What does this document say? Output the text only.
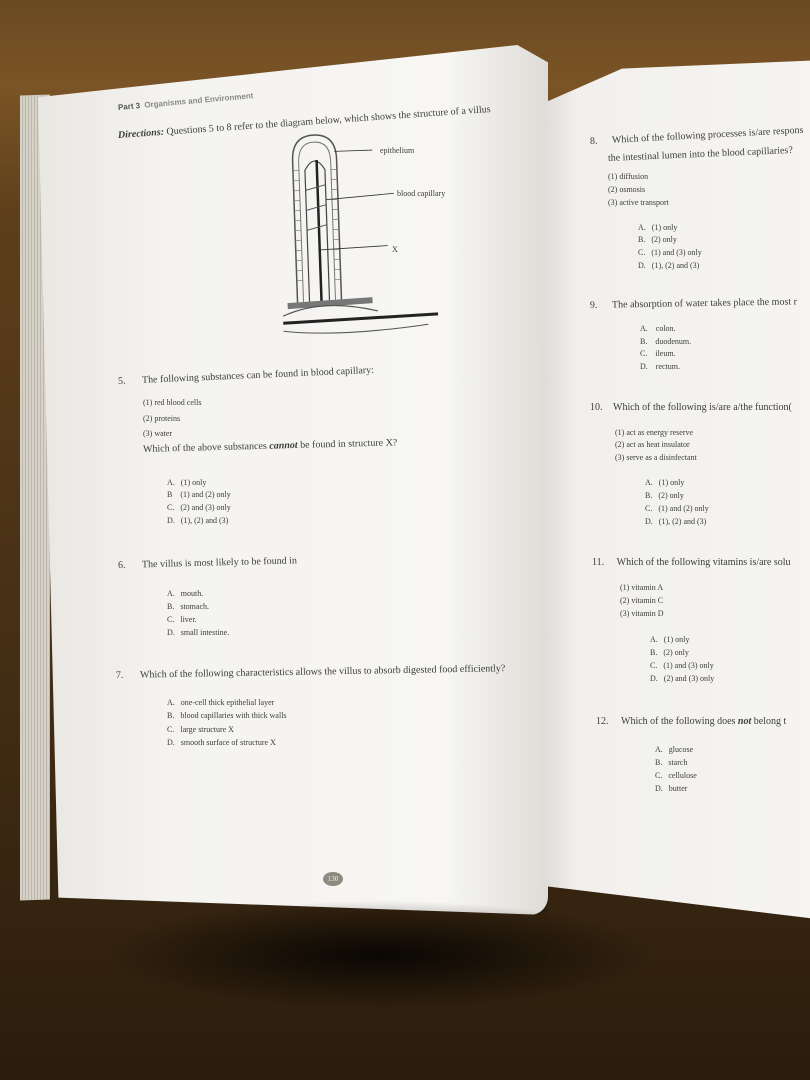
Part 3 Organisms and Environment
Directions: Questions 5 to 8 refer to the diagram below, which shows the structure of a villus
epithelium
blood capillary
X
5. The following substances can be found in blood capillary:
(1) red blood cells
(2) proteins
(3) water
Which of the above substances cannot be found in structure X?
A. (1) only
B (1) and (2) only
C. (2) and (3) only
D. (1), (2) and (3)
6. The villus is most likely to be found in
A. mouth.
B. stomach.
C. liver.
D. small intestine.
7. Which of the following characteristics allows the villus to absorb digested food efficiently?
A. one-cell thick epithelial layer
B. blood capillaries with thick walls
C. large structure X
D. smooth surface of structure X
130
8. Which of the following processes is/are respons
the intestinal lumen into the blood capillaries?
(1) diffusion
(2) osmosis
(3) active transport
A. (1) only
B. (2) only
C. (1) and (3) only
D. (1), (2) and (3)
9. The absorption of water takes place the most r
A. colon.
B. duodenum.
C. ileum.
D. rectum.
10. Which of the following is/are a/the function(
(1) act as energy reserve
(2) act as heat insulator
(3) serve as a disinfectant
A. (1) only
B. (2) only
C. (1) and (2) only
D. (1), (2) and (3)
11. Which of the following vitamins is/are solu
(1) vitamin A
(2) vitamin C
(3) vitamin D
A. (1) only
B. (2) only
C. (1) and (3) only
D. (2) and (3) only
12. Which of the following does not belong t
A. glucose
B. starch
C. cellulose
D. butter
